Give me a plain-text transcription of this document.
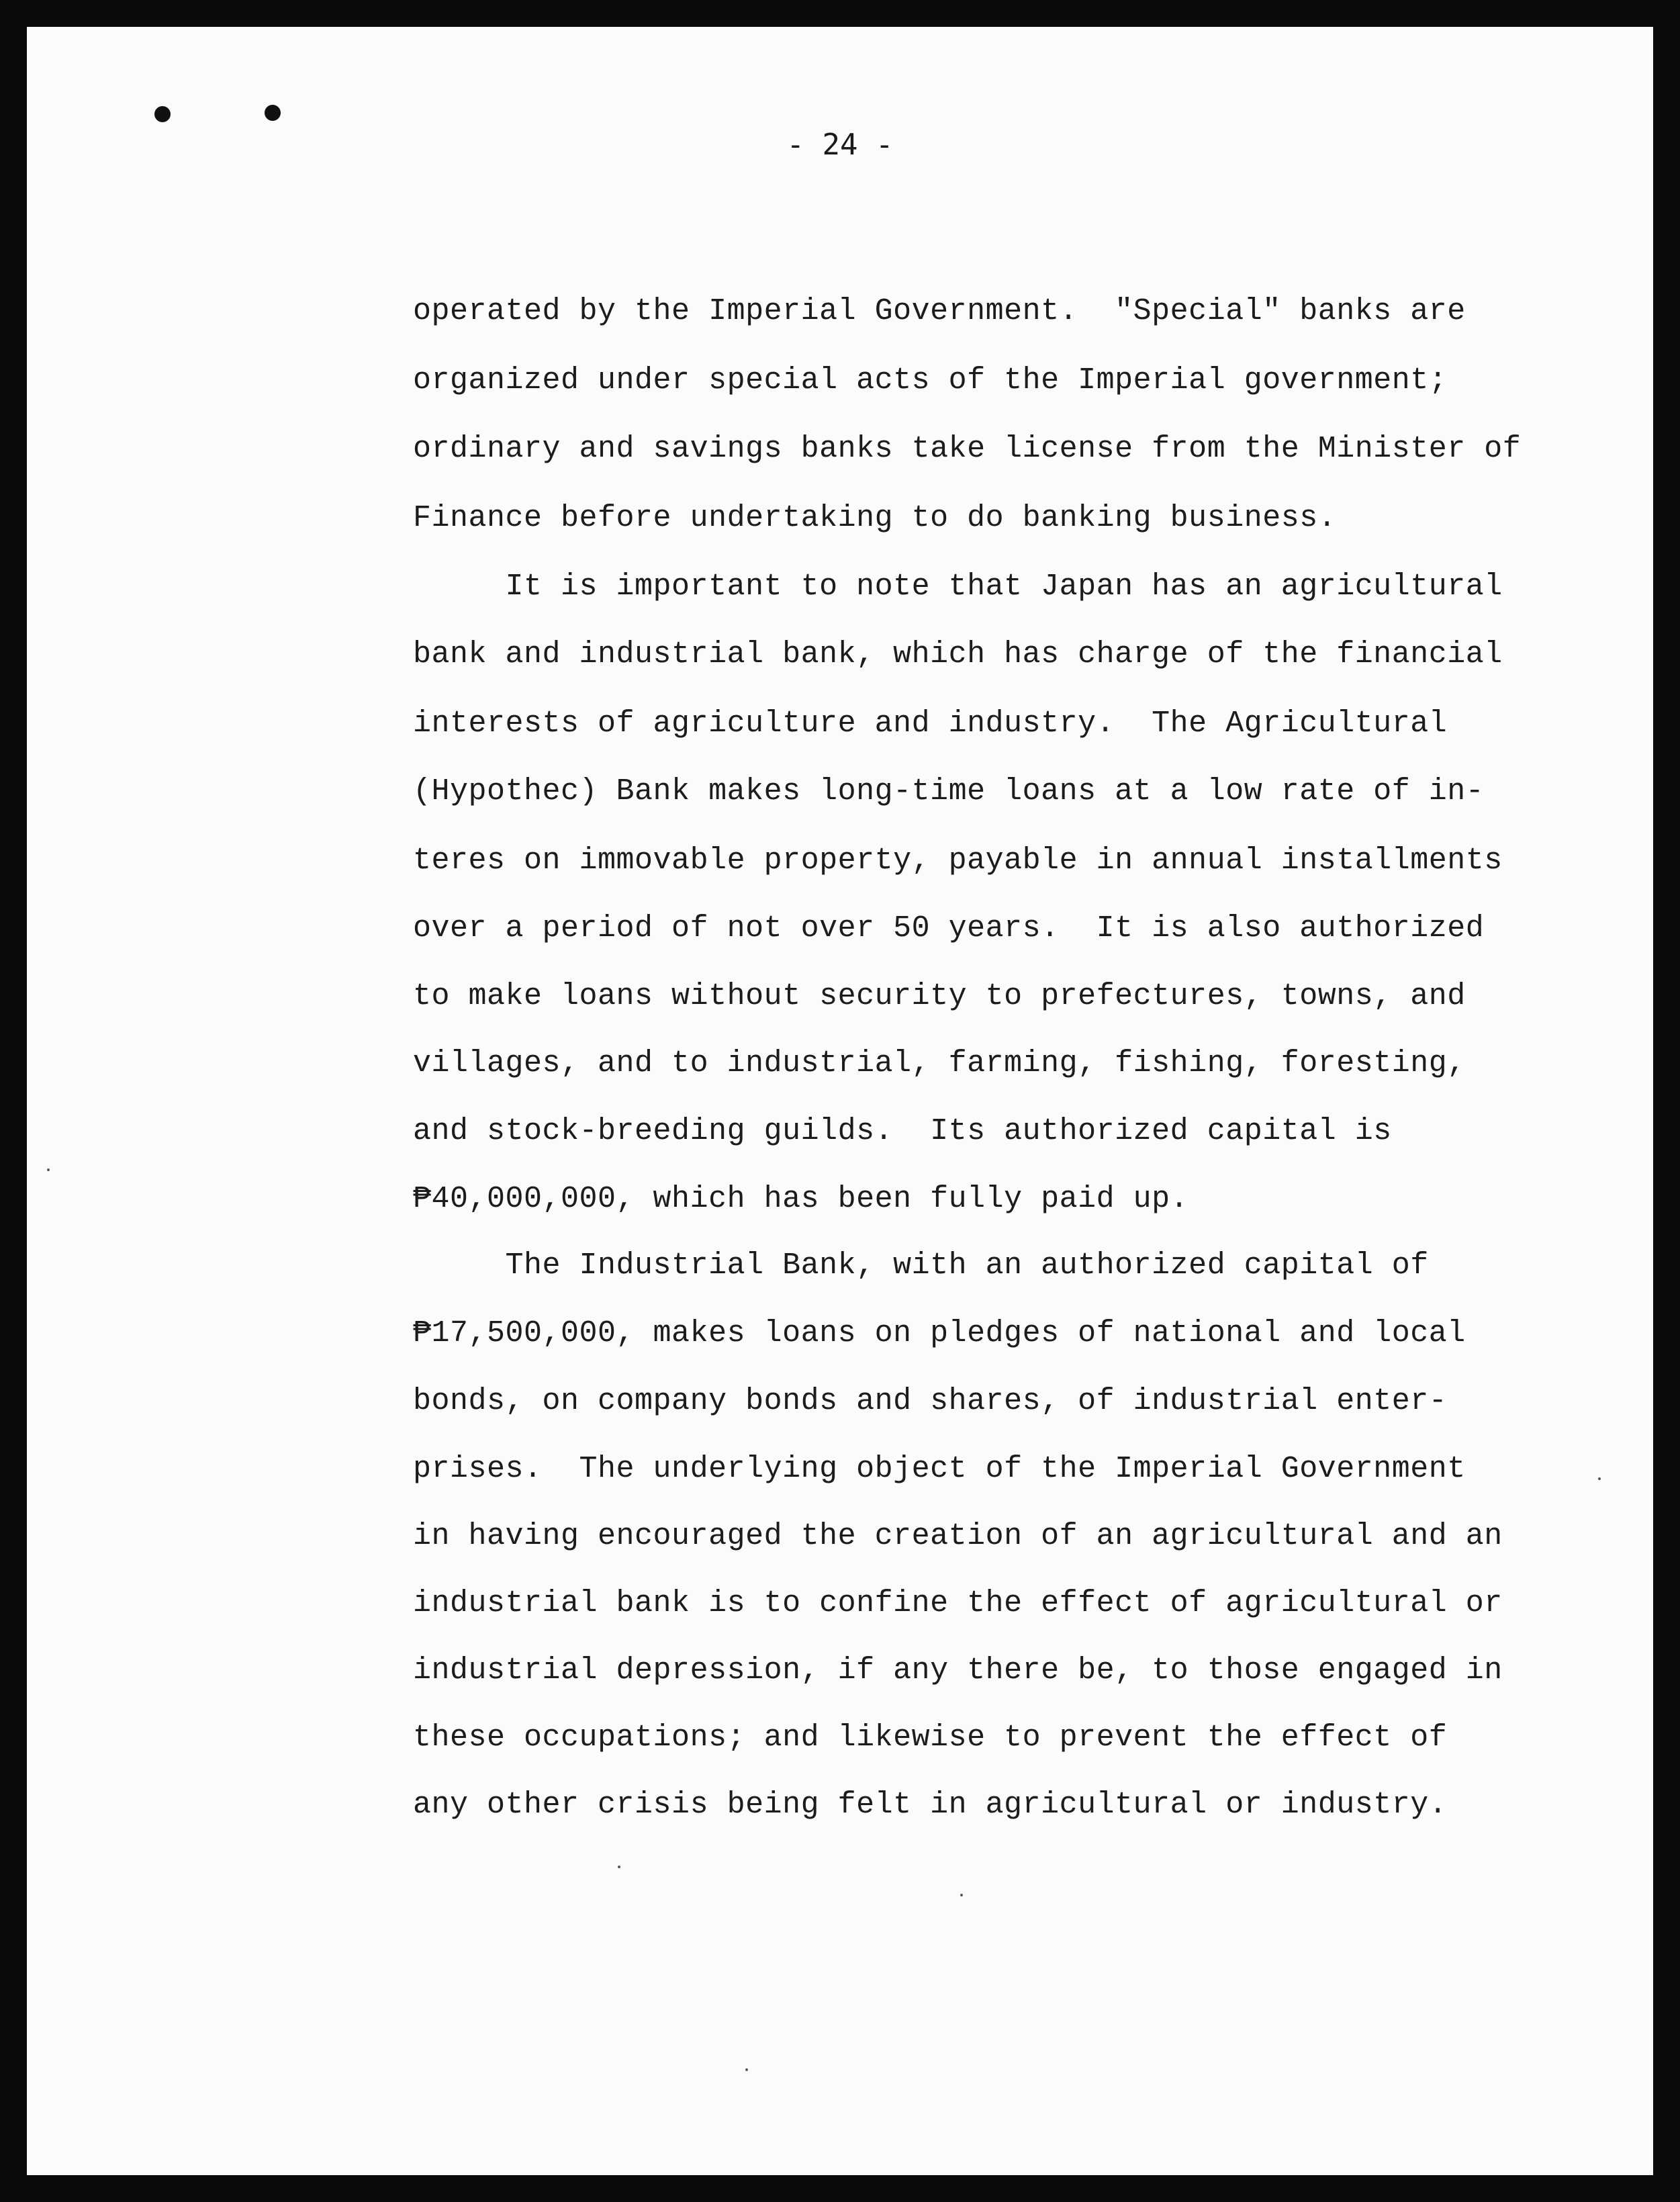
- 24 -
operated by the Imperial Government.  "Special" banks are
organized under special acts of the Imperial government;
ordinary and savings banks take license from the Minister of
Finance before undertaking to do banking business.
It is important to note that Japan has an agricultural
bank and industrial bank, which has charge of the financial
interests of agriculture and industry.  The Agricultural
(Hypothec) Bank makes long-time loans at a low rate of in-
teres on immovable property, payable in annual installments
over a period of not over 50 years.  It is also authorized
to make loans without security to prefectures, towns, and
villages, and to industrial, farming, fishing, foresting,
and stock-breeding guilds.  Its authorized capital is
₱40,000,000, which has been fully paid up.
The Industrial Bank, with an authorized capital of
₱17,500,000, makes loans on pledges of national and local
bonds, on company bonds and shares, of industrial enter-
prises.  The underlying object of the Imperial Government
in having encouraged the creation of an agricultural and an
industrial bank is to confine the effect of agricultural or
industrial depression, if any there be, to those engaged in
these occupations; and likewise to prevent the effect of
any other crisis being felt in agricultural or industry.
